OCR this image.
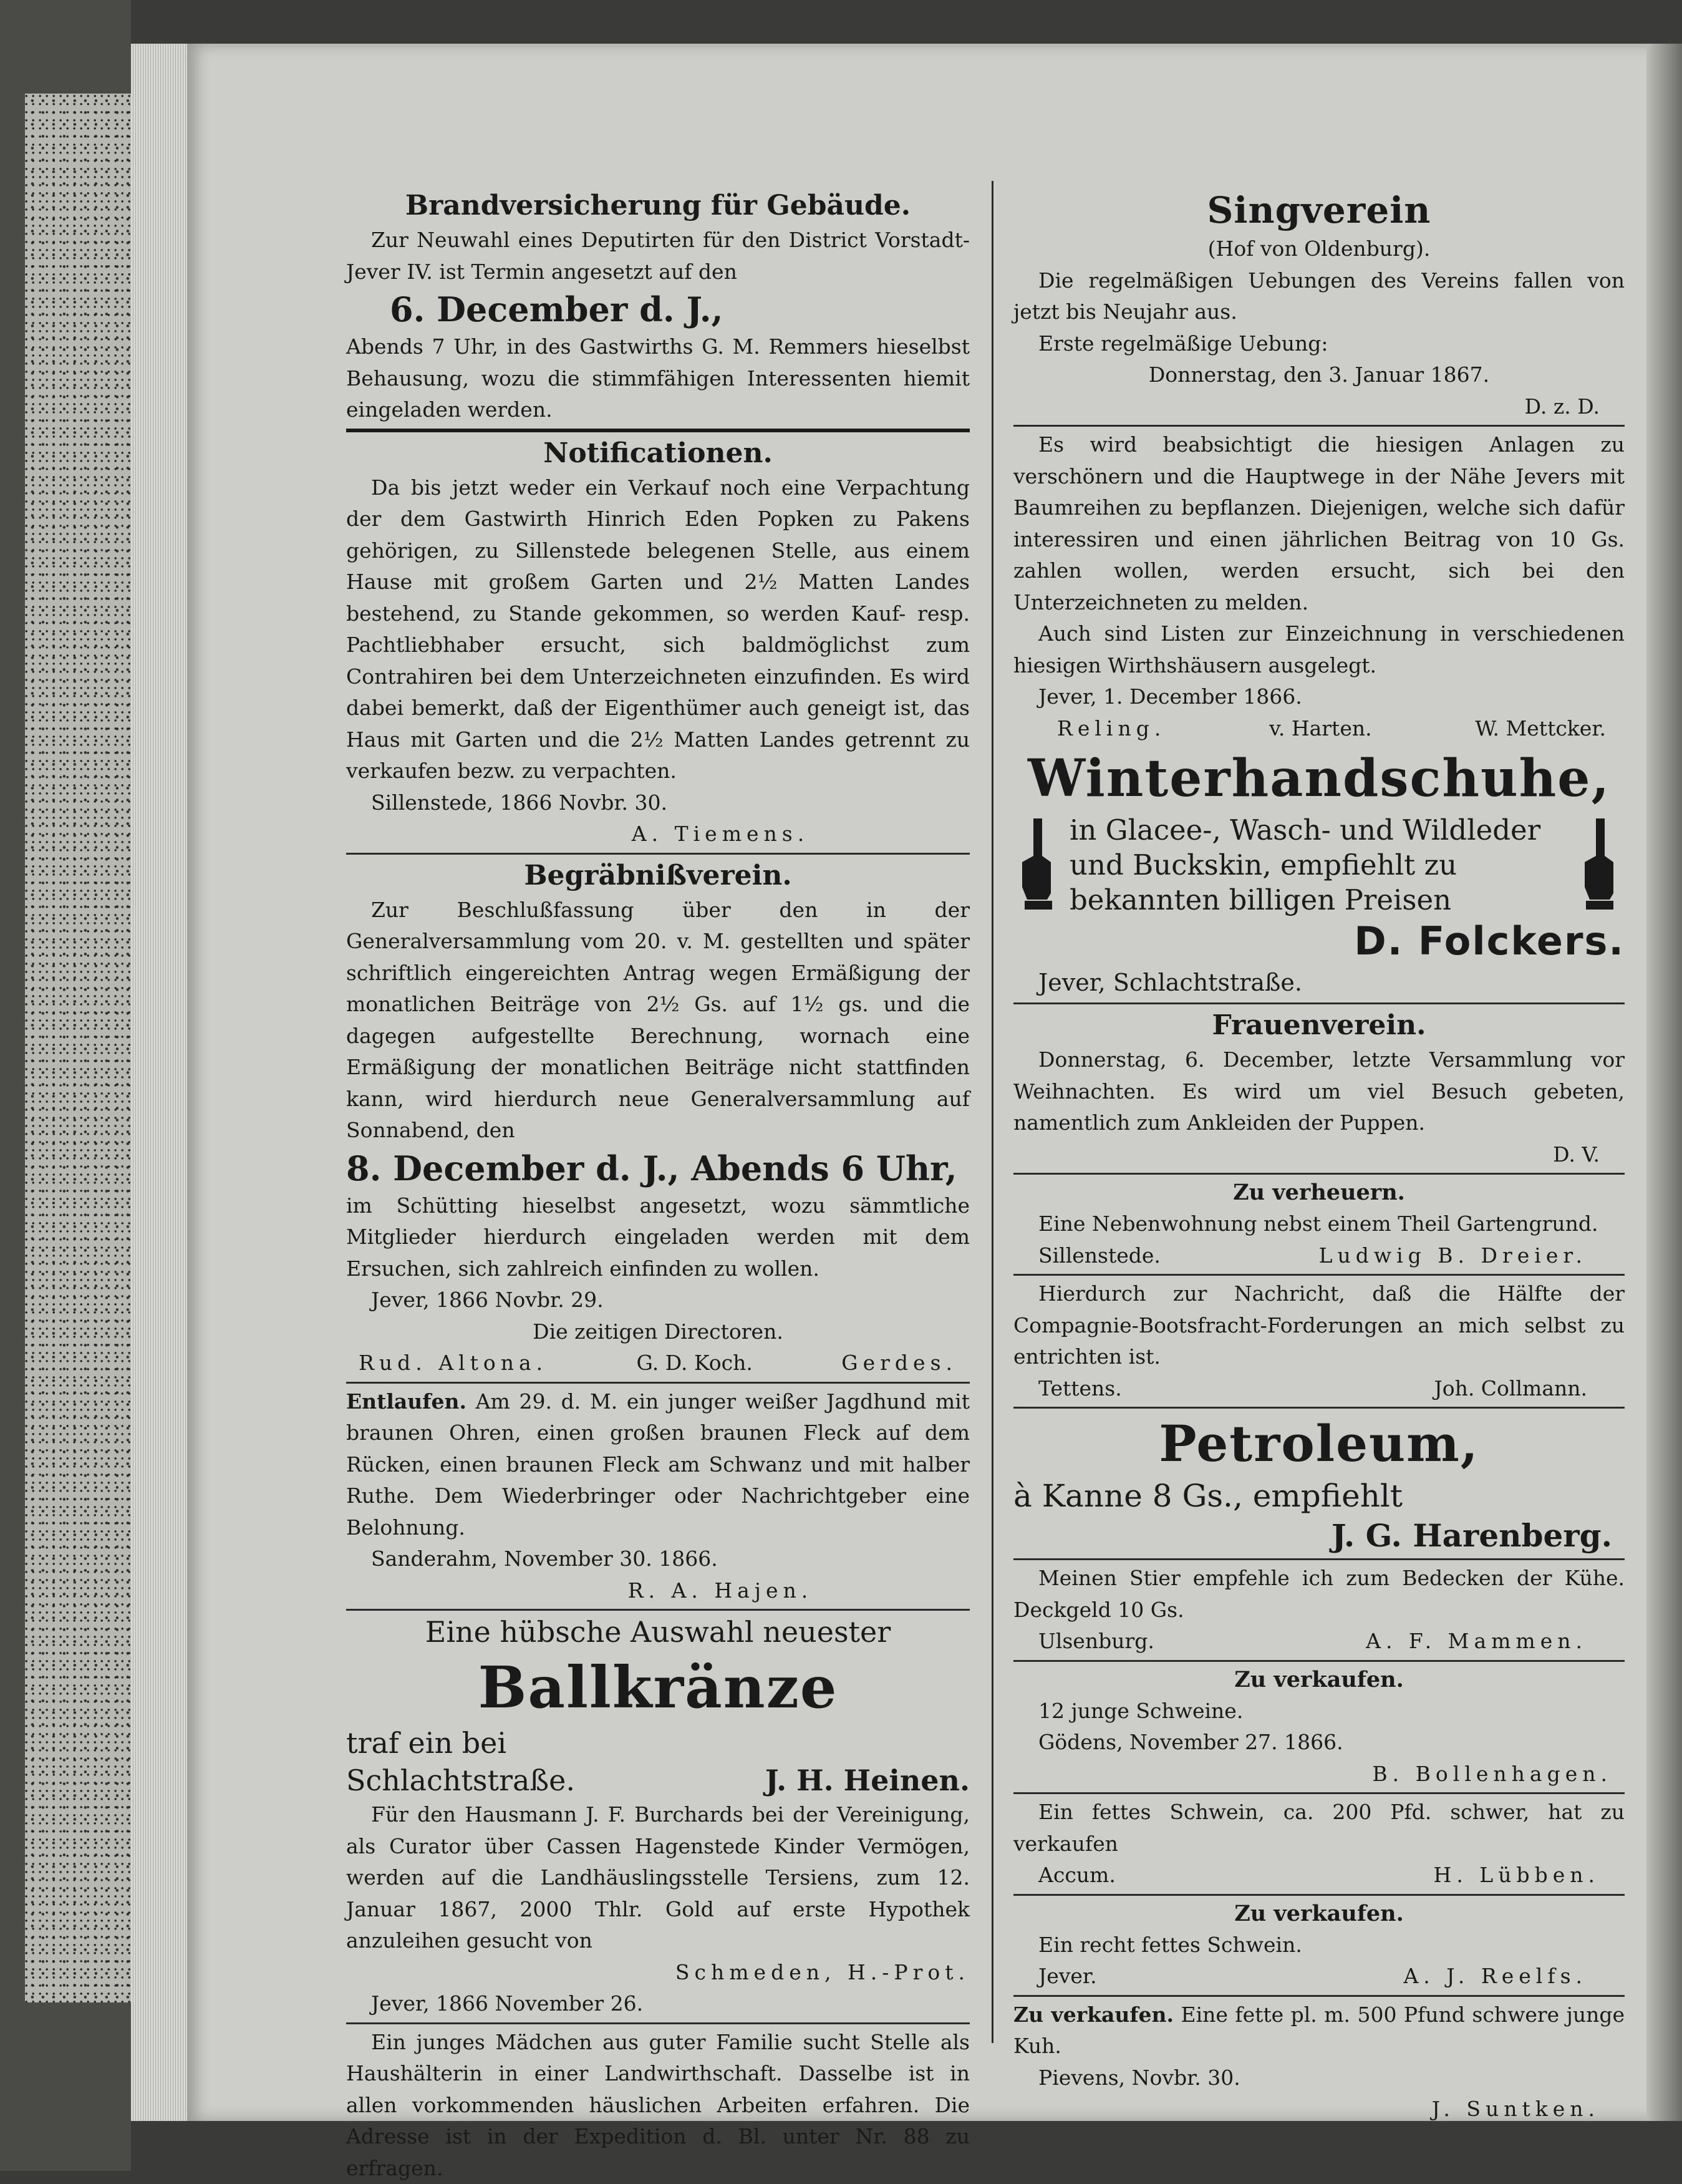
Brandversicherung für Gebäude.
Zur Neuwahl eines Deputirten für den District Vorstadt-Jever IV. ist Termin angesetzt auf den
6. December d. J.,
Abends 7 Uhr, in des Gastwirths G. M. Remmers hieselbst Behausung, wozu die stimmfähigen Interessenten hiemit eingeladen werden.
Notificationen.
Da bis jetzt weder ein Verkauf noch eine Verpachtung der dem Gastwirth Hinrich Eden Popken zu Pakens gehörigen, zu Sillenstede belegenen Stelle, aus einem Hause mit großem Garten und 2½ Matten Landes bestehend, zu Stande gekommen, so werden Kauf- resp. Pachtliebhaber ersucht, sich baldmöglichst zum Contrahiren bei dem Unterzeichneten einzufinden. Es wird dabei bemerkt, daß der Eigenthümer auch geneigt ist, das Haus mit Garten und die 2½ Matten Landes getrennt zu verkaufen bezw. zu verpachten.
Sillenstede, 1866 Novbr. 30.
A. Tiemens.
Begräbnißverein.
Zur Beschlußfassung über den in der Generalversammlung vom 20. v. M. gestellten und später schriftlich eingereichten Antrag wegen Ermäßigung der monatlichen Beiträge von 2½ Gs. auf 1½ gs. und die dagegen aufgestellte Berechnung, wornach eine Ermäßigung der monatlichen Beiträge nicht stattfinden kann, wird hierdurch neue Generalversammlung auf Sonnabend, den
8. December d. J., Abends 6 Uhr,
im Schütting hieselbst angesetzt, wozu sämmtliche Mitglieder hierdurch eingeladen werden mit dem Ersuchen, sich zahlreich einfinden zu wollen.
Jever, 1866 Novbr. 29.
Die zeitigen Directoren.
Rud. Altona.	G. D. Koch.	Gerdes.
Entlaufen. Am 29. d. M. ein junger weißer Jagdhund mit braunen Ohren, einen großen braunen Fleck auf dem Rücken, einen braunen Fleck am Schwanz und mit halber Ruthe. Dem Wiederbringer oder Nachrichtgeber eine Belohnung.
Sanderahm, November 30. 1866.
R. A. Hajen.
Eine hübsche Auswahl neuester
Ballkränze
traf ein bei
Schlachtstraße.	J. H. Heinen.
Für den Hausmann J. F. Burchards bei der Vereinigung, als Curator über Cassen Hagenstede Kinder Vermögen, werden auf die Landhäuslingsstelle Tersiens, zum 12. Januar 1867, 2000 Thlr. Gold auf erste Hypothek anzuleihen gesucht von
Schmeden, H.-Prot.
Jever, 1866 November 26.
Ein junges Mädchen aus guter Familie sucht Stelle als Haushälterin in einer Landwirthschaft. Dasselbe ist in allen vorkommenden häuslichen Arbeiten erfahren. Die Adresse ist in der Expedition d. Bl. unter Nr. 88 zu erfragen.
Singverein
(Hof von Oldenburg).
Die regelmäßigen Uebungen des Vereins fallen von jetzt bis Neujahr aus.
Erste regelmäßige Uebung:
Donnerstag, den 3. Januar 1867.
D. z. D.
Es wird beabsichtigt die hiesigen Anlagen zu verschönern und die Hauptwege in der Nähe Jevers mit Baumreihen zu bepflanzen. Diejenigen, welche sich dafür interessiren und einen jährlichen Beitrag von 10 Gs. zahlen wollen, werden ersucht, sich bei den Unterzeichneten zu melden.
Auch sind Listen zur Einzeichnung in verschiedenen hiesigen Wirthshäusern ausgelegt.
Jever, 1. December 1866.
Reling.	v. Harten.	W. Mettcker.
Winterhandschuhe,
in Glacee-, Wasch- und Wildleder und Buckskin, empfiehlt zu bekannten billigen Preisen
D. Folckers.
Jever, Schlachtstraße.
Frauenverein.
Donnerstag, 6. December, letzte Versammlung vor Weihnachten. Es wird um viel Besuch gebeten, namentlich zum Ankleiden der Puppen.
D. V.
Zu verheuern.
Eine Nebenwohnung nebst einem Theil Gartengrund.
Sillenstede.	Ludwig B. Dreier.
Hierdurch zur Nachricht, daß die Hälfte der Compagnie-Bootsfracht-Forderungen an mich selbst zu entrichten ist.
Tettens.	Joh. Collmann.
Petroleum,
à Kanne 8 Gs., empfiehlt
J. G. Harenberg.
Meinen Stier empfehle ich zum Bedecken der Kühe. Deckgeld 10 Gs.
Ulsenburg.	A. F. Mammen.
Zu verkaufen.
12 junge Schweine.
Gödens, November 27. 1866.
B. Bollenhagen.
Ein fettes Schwein, ca. 200 Pfd. schwer, hat zu verkaufen
Accum.	H. Lübben.
Zu verkaufen.
Ein recht fettes Schwein.
Jever.	A. J. Reelfs.
Zu verkaufen. Eine fette pl. m. 500 Pfund schwere junge Kuh.
Pievens, Novbr. 30.
J. Suntken.
